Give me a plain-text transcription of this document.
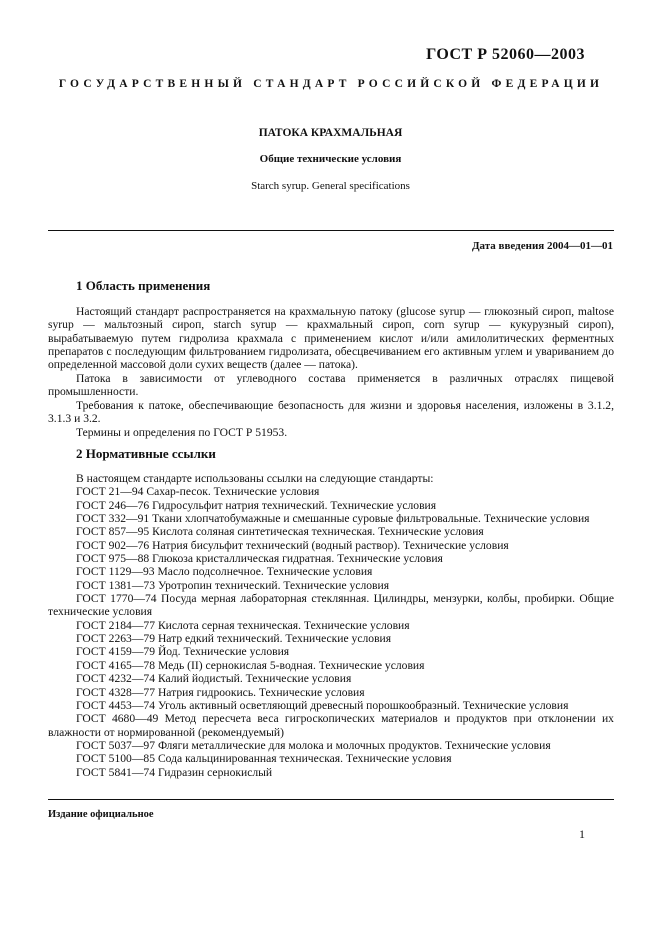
ГОСТ Р 52060—2003
ГОСУДАРСТВЕННЫЙ СТАНДАРТ РОССИЙСКОЙ ФЕДЕРАЦИИ
ПАТОКА КРАХМАЛЬНАЯ
Общие технические условия
Starch syrup. General specifications
Дата введения 2004—01—01
1 Область применения

Настоящий стандарт распространяется на крахмальную патоку (glucose syrup — глюкозный сироп, maltose syrup — мальтозный сироп, starch syrup — крахмальный сироп, corn syrup — кукурузный сироп), вырабатываемую путем гидролиза крахмала с применением кислот и/или амилолитических ферментных препаратов с последующим фильтрованием гидролизата, обесцвечиванием его активным углем и увариванием до определенной массовой доли сухих веществ (далее — патока).

Патока в зависимости от углеводного состава применяется в различных отраслях пищевой промышленности.

Требования к патоке, обеспечивающие безопасность для жизни и здоровья населения, изложены в 3.1.2, 3.1.3 и 3.2.

Термины и определения по ГОСТ Р 51953.

2 Нормативные ссылки
В настоящем стандарте использованы ссылки на следующие стандарты:
ГОСТ 21—94 Сахар-песок. Технические условия
ГОСТ 246—76 Гидросульфит натрия технический. Технические условия
ГОСТ 332—91 Ткани хлопчатобумажные и смешанные суровые фильтровальные. Технические условия
ГОСТ 857—95 Кислота соляная синтетическая техническая. Технические условия
ГОСТ 902—76 Натрия бисульфит технический (водный раствор). Технические условия
ГОСТ 975—88 Глюкоза кристаллическая гидратная. Технические условия
ГОСТ 1129—93 Масло подсолнечное. Технические условия
ГОСТ 1381—73 Уротропин технический. Технические условия
ГОСТ 1770—74 Посуда мерная лабораторная стеклянная. Цилиндры, мензурки, колбы, пробирки. Общие технические условия
ГОСТ 2184—77 Кислота серная техническая. Технические условия
ГОСТ 2263—79 Натр едкий технический. Технические условия
ГОСТ 4159—79 Йод. Технические условия
ГОСТ 4165—78 Медь (II) сернокислая 5-водная. Технические условия
ГОСТ 4232—74 Калий йодистый. Технические условия
ГОСТ 4328—77 Натрия гидроокись. Технические условия
ГОСТ 4453—74 Уголь активный осветляющий древесный порошкообразный. Технические условия
ГОСТ 4680—49 Метод пересчета веса гигроскопических материалов и продуктов при отклонении их влажности от нормированной (рекомендуемый)
ГОСТ 5037—97 Фляги металлические для молока и молочных продуктов. Технические условия
ГОСТ 5100—85 Сода кальцинированная техническая. Технические условия
ГОСТ 5841—74 Гидразин сернокислый
Издание официальное
1
